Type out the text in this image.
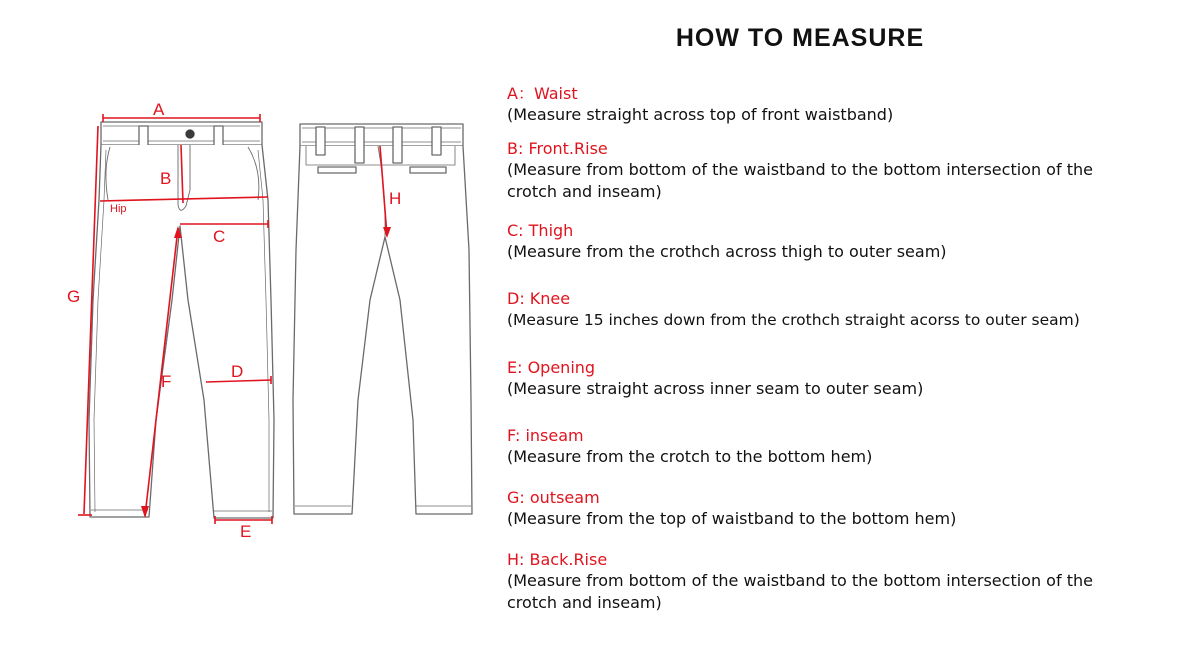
A
B
Hip
C
G
F
D
E
H
HOW TO MEASURE
A：Waist
(Measure straight across top of front waistband)
B: Front.Rise
(Measure from bottom of the waistband to the bottom intersection of the crotch and inseam)
C: Thigh
(Measure from the crothch across thigh to outer seam)
D: Knee
(Measure 15 inches down from the crothch straight acorss to outer seam)
E: Opening
(Measure straight across inner seam to outer seam)
F: inseam
(Measure from the crotch to the bottom hem)
G: outseam
(Measure from the top of waistband to the bottom hem)
H: Back.Rise
(Measure from bottom of the waistband to the bottom intersection of the crotch and inseam)
